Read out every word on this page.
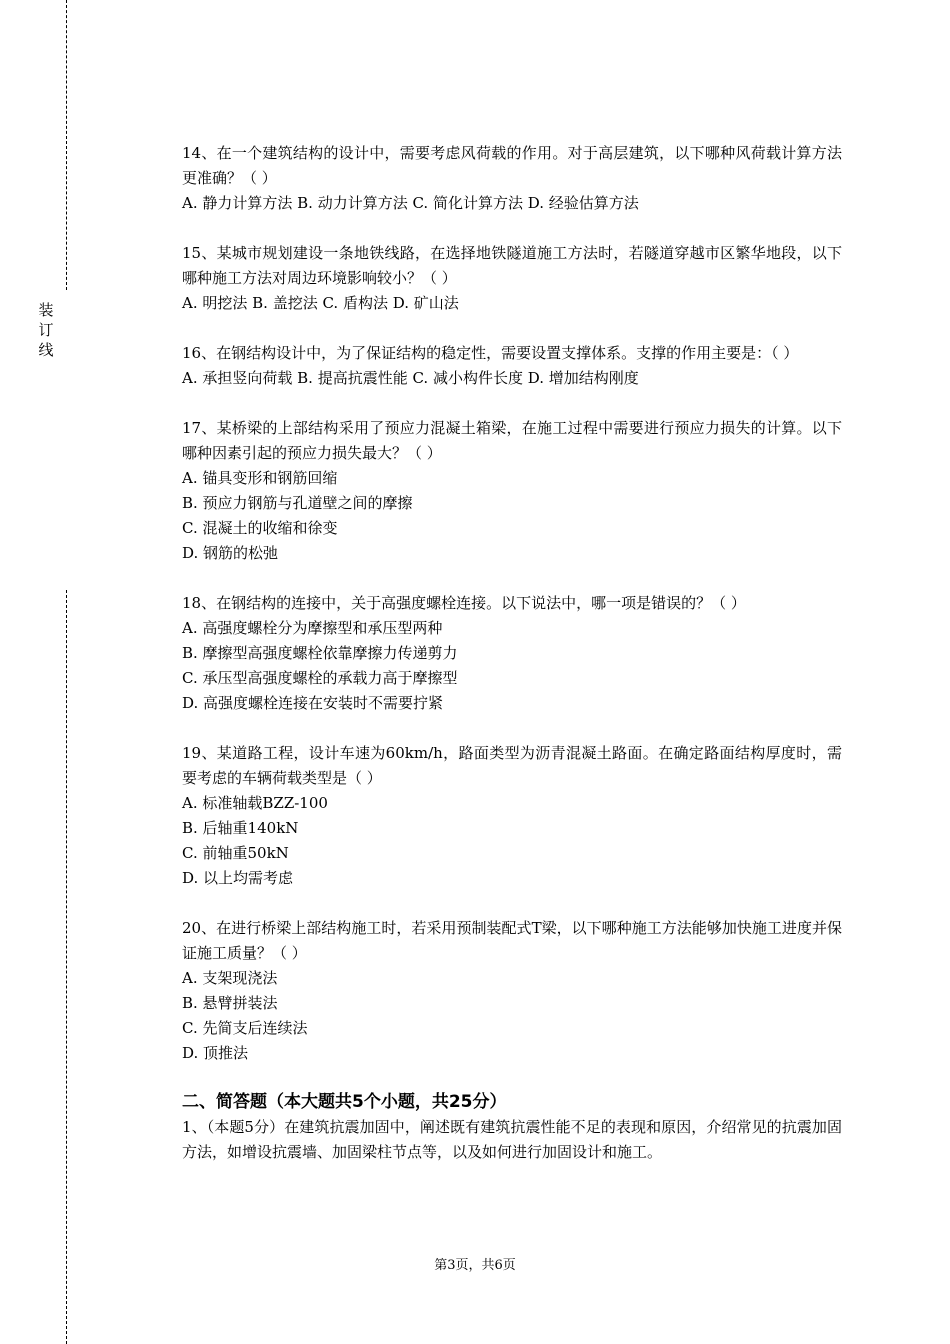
装
订
线
14、在一个建筑结构的设计中，需要考虑风荷载的作用。对于高层建筑，以下哪种风荷载计算方法更准确？（ ）
A. 静力计算方法 B. 动力计算方法 C. 简化计算方法 D. 经验估算方法
15、某城市规划建设一条地铁线路，在选择地铁隧道施工方法时，若隧道穿越市区繁华地段，以下哪种施工方法对周边环境影响较小？（ ）
A. 明挖法 B. 盖挖法 C. 盾构法 D. 矿山法
16、在钢结构设计中，为了保证结构的稳定性，需要设置支撑体系。支撑的作用主要是：（ ）
A. 承担竖向荷载 B. 提高抗震性能 C. 减小构件长度 D. 增加结构刚度
17、某桥梁的上部结构采用了预应力混凝土箱梁，在施工过程中需要进行预应力损失的计算。以下哪种因素引起的预应力损失最大？（ ）
A. 锚具变形和钢筋回缩
B. 预应力钢筋与孔道壁之间的摩擦
C. 混凝土的收缩和徐变
D. 钢筋的松弛
18、在钢结构的连接中，关于高强度螺栓连接。以下说法中，哪一项是错误的？（ ）
A. 高强度螺栓分为摩擦型和承压型两种
B. 摩擦型高强度螺栓依靠摩擦力传递剪力
C. 承压型高强度螺栓的承载力高于摩擦型
D. 高强度螺栓连接在安装时不需要拧紧
19、某道路工程，设计车速为60km/h，路面类型为沥青混凝土路面。在确定路面结构厚度时，需要考虑的车辆荷载类型是（ ）
A. 标准轴载BZZ-100
B. 后轴重140kN
C. 前轴重50kN
D. 以上均需考虑
20、在进行桥梁上部结构施工时，若采用预制装配式T梁，以下哪种施工方法能够加快施工进度并保证施工质量？（ ）
A. 支架现浇法
B. 悬臂拼装法
C. 先简支后连续法
D. 顶推法
二、简答题（本大题共5个小题，共25分）
1、（本题5分）在建筑抗震加固中，阐述既有建筑抗震性能不足的表现和原因，介绍常见的抗震加固方法，如增设抗震墙、加固梁柱节点等，以及如何进行加固设计和施工。
第3页，共6页
